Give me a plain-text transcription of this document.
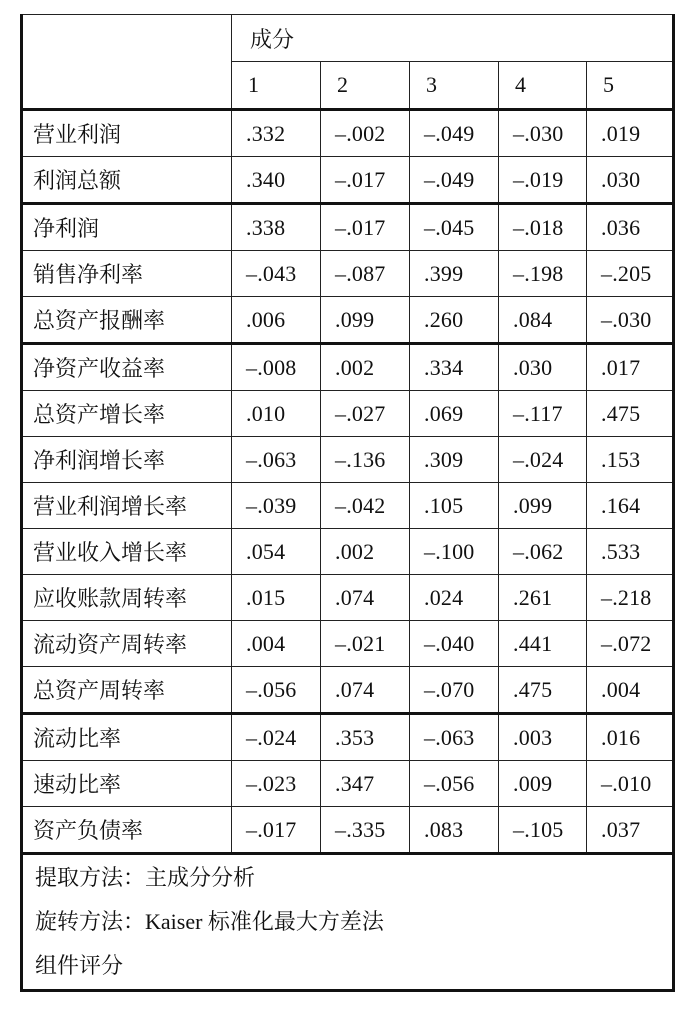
	成分				
	1	2	3	4	5
营业利润	.332	–.002	–.049	–.030	.019
利润总额	.340	–.017	–.049	–.019	.030
净利润	.338	–.017	–.045	–.018	.036
销售净利率	–.043	–.087	.399	–.198	–.205
总资产报酬率	.006	.099	.260	.084	–.030
净资产收益率	–.008	.002	.334	.030	.017
总资产增长率	.010	–.027	.069	–.117	.475
净利润增长率	–.063	–.136	.309	–.024	.153
营业利润增长率	–.039	–.042	.105	.099	.164
营业收入增长率	.054	.002	–.100	–.062	.533
应收账款周转率	.015	.074	.024	.261	–.218
流动资产周转率	.004	–.021	–.040	.441	–.072
总资产周转率	–.056	.074	–.070	.475	.004
流动比率	–.024	.353	–.063	.003	.016
速动比率	–.023	.347	–.056	.009	–.010
资产负债率	–.017	–.335	.083	–.105	.037

提取方法：主成分分析
旋转方法：Kaiser 标准化最大方差法
组件评分					
